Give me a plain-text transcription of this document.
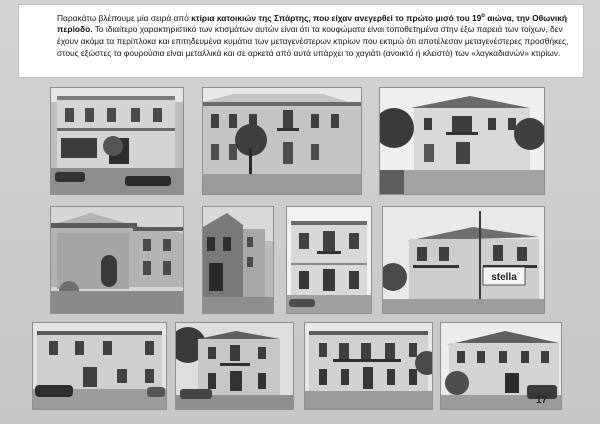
Παρακάτω βλέπουμε μία σειρά από κτίρια κατοικιών της Σπάρτης, που είχαν ανεγερθεί το πρώτο μισό του $19^o$ αιώνα, την Οθωνική περίοδο. Το ιδιαίτερο χαρακτηριστικό των κτισμάτων αυτών είναι ότι τα κουφώματα είναι τοποθετημένα στην έξω παρειά των τοίχων, δεν έχουν ακόμα τα περίπλοκα και επιτηδευμένα κυμάτια των μεταγενέστερων κτιρίων που εκτιμώ ότι αποτέλεσαν μεταγενέστερες προσθήκες, στους εξώστες τα φουρούσια είναι μεταλλικά και σε αρκετά από αυτά υπάρχει το χαγιάτι (ανοικτό ή κλειστό) των «λαγκαδιανών» κτιρίων.
stella
17
